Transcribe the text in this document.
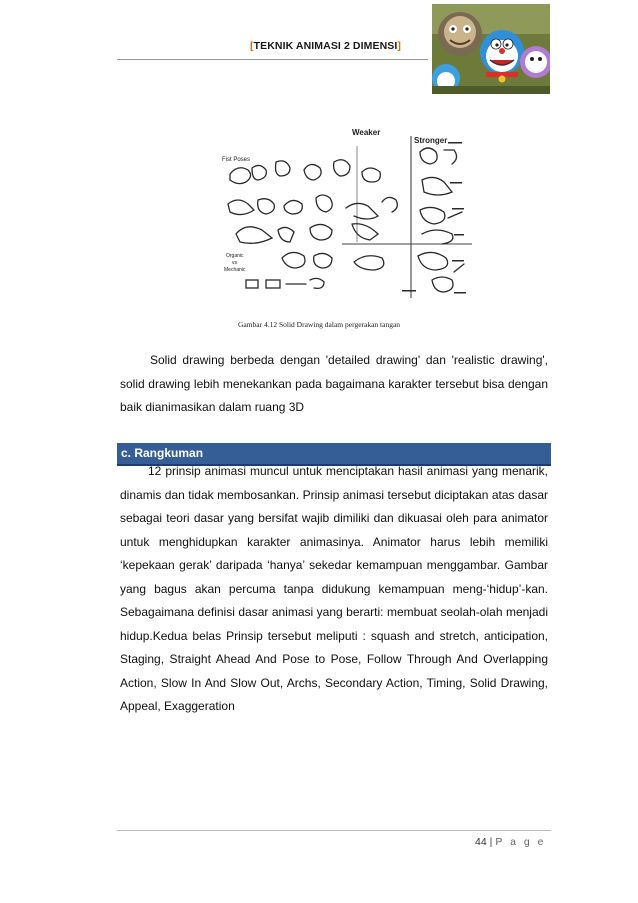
[TEKNIK ANIMASI 2 DIMENSI]
Weaker
Stronger
Fist Poses
Organic
vs
Mechanic
Gambar 4.12 Solid Drawing dalam pergerakan tangan
Solid drawing berbeda dengan 'detailed drawing' dan 'realistic drawing', solid drawing lebih menekankan pada bagaimana karakter tersebut bisa dengan baik dianimasikan dalam ruang 3D
c. Rangkuman
12 prinsip animasi muncul untuk menciptakan hasil animasi yang menarik, dinamis dan tidak membosankan. Prinsip animasi tersebut diciptakan atas dasar sebagai teori dasar yang bersifat wajib dimiliki dan dikuasai oleh para animator untuk menghidupkan karakter animasinya. Animator harus lebih memiliki ‘kepekaan gerak’ daripada ‘hanya’ sekedar kemampuan menggambar. Gambar yang bagus akan percuma tanpa didukung kemampuan meng-‘hidup’-kan. Sebagaimana definisi dasar animasi yang berarti: membuat seolah-olah menjadi hidup.Kedua belas Prinsip tersebut meliputi : squash and stretch, anticipation, Staging, Straight Ahead And Pose to Pose, Follow Through And Overlapping Action, Slow In And Slow Out, Archs, Secondary Action, Timing, Solid Drawing, Appeal, Exaggeration
44 | P a g e
